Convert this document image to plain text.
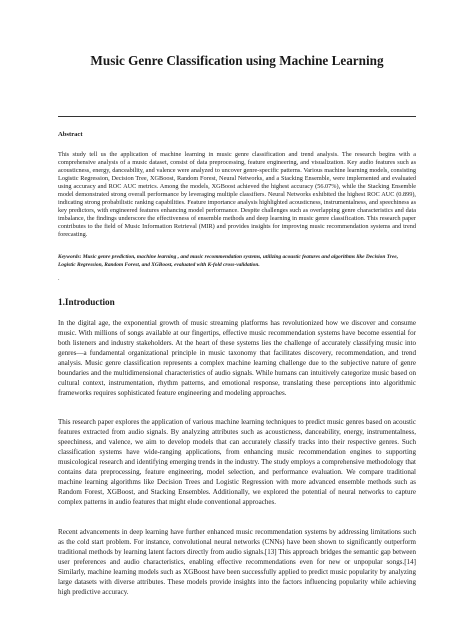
Music Genre Classification using Machine Learning
Abstract

This study tell us the application of machine learning in music genre classification and trend analysis. The research begins with a comprehensive analysis of a music dataset, consist of data preprocessing, feature engineering, and visualization. Key audio features such as acousticness, energy, danceability, and valence were analyzed to uncover genre-specific patterns. Various machine learning models, consisting Logistic Regression, Decision Tree, XGBoost, Random Forest, Neural Networks, and a Stacking Ensemble, were implemented and evaluated using accuracy and ROC AUC metrics. Among the models, XGBoost achieved the highest accuracy (56.07%), while the Stacking Ensemble model demonstrated strong overall performance by leveraging multiple classifiers. Neural Networks exhibited the highest ROC AUC (0.899), indicating strong probabilistic ranking capabilities. Feature importance analysis highlighted acousticness, instrumentalness, and speechiness as key predictors, with engineered features enhancing model performance. Despite challenges such as overlapping genre characteristics and data imbalance, the findings underscore the effectiveness of ensemble methods and deep learning in music genre classification. This research paper contributes to the field of Music Information Retrieval (MIR) and provides insights for improving music recommendation systems and trend forecasting.

Keywords: Music genre prediction, machine learning , and music recommendation systems, utilizing acoustic features and algorithms like Decision Tree, Logistic Regression, Random Forest, and XGBoost, evaluated with K-fold cross-validation.

.
1.Introduction

In the digital age, the exponential growth of music streaming platforms has revolutionized how we discover and consume music. With millions of songs available at our fingertips, effective music recommendation systems have become essential for both listeners and industry stakeholders. At the heart of these systems lies the challenge of accurately classifying music into genres—a fundamental organizational principle in music taxonomy that facilitates discovery, recommendation, and trend analysis. Music genre classification represents a complex machine learning challenge due to the subjective nature of genre boundaries and the multidimensional characteristics of audio signals. While humans can intuitively categorize music based on cultural context, instrumentation, rhythm patterns, and emotional response, translating these perceptions into algorithmic frameworks requires sophisticated feature engineering and modeling approaches.

This research paper explores the application of various machine learning techniques to predict music genres based on acoustic features extracted from audio signals. By analyzing attributes such as acousticness, danceability, energy, instrumentalness, speechiness, and valence, we aim to develop models that can accurately classify tracks into their respective genres. Such classification systems have wide-ranging applications, from enhancing music recommendation engines to supporting musicological research and identifying emerging trends in the industry. The study employs a comprehensive methodology that contains data preprocessing, feature engineering, model selection, and performance evaluation. We compare traditional machine learning algorithms like Decision Trees and Logistic Regression with more advanced ensemble methods such as Random Forest, XGBoost, and Stacking Ensembles. Additionally, we explored the potential of neural networks to capture complex patterns in audio features that might elude conventional approaches.

Recent advancements in deep learning have further enhanced music recommendation systems by addressing limitations such as the cold start problem. For instance, convolutional neural networks (CNNs) have been shown to significantly outperform traditional methods by learning latent factors directly from audio signals.[13] This approach bridges the semantic gap between user preferences and audio characteristics, enabling effective recommendations even for new or unpopular songs.[14] Similarly, machine learning models such as XGBoost have been successfully applied to predict music popularity by analyzing large datasets with diverse attributes. These models provide insights into the factors influencing popularity while achieving high predictive accuracy.
